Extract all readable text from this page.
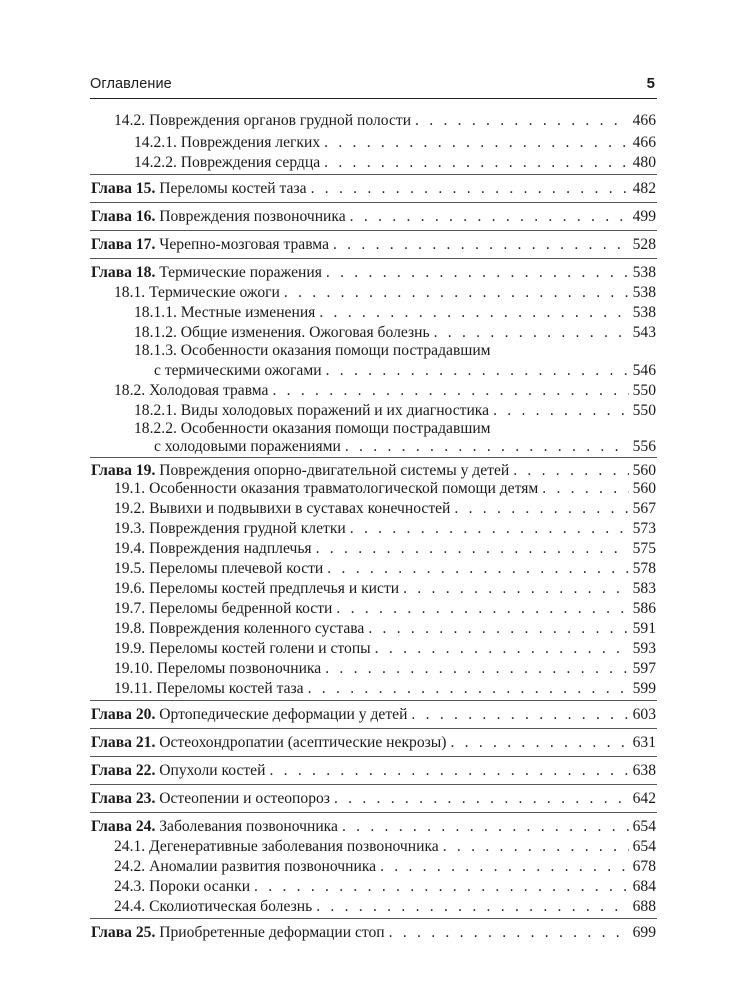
Оглавление	5
14.2. Повреждения органов грудной полости . . .	466
14.2.1. Повреждения легких . . .	466
14.2.2. Повреждения сердца . . .	480
Глава 15. Переломы костей таза . . .	482
Глава 16. Повреждения позвоночника . . .	499
Глава 17. Черепно-мозговая травма . . .	528
Глава 18. Термические поражения . . .	538
18.1. Термические ожоги . . .	538
18.1.1. Местные изменения . . .	538
18.1.2. Общие изменения. Ожоговая болезнь . . .	543
18.1.3. Особенности оказания помощи пострадавшим
с термическими ожогами . . .	546
18.2. Холодовая травма . . .	550
18.2.1. Виды холодовых поражений и их диагностика . . .	550
18.2.2. Особенности оказания помощи пострадавшим
с холодовыми поражениями . . .	556
Глава 19. Повреждения опорно-двигательной системы у детей . . .	560
19.1. Особенности оказания травматологической помощи детям . . .	560
19.2. Вывихи и подвывихи в суставах конечностей . . .	567
19.3. Повреждения грудной клетки . . .	573
19.4. Повреждения надплечья . . .	575
19.5. Переломы плечевой кости . . .	578
19.6. Переломы костей предплечья и кисти . . .	583
19.7. Переломы бедренной кости . . .	586
19.8. Повреждения коленного сустава . . .	591
19.9. Переломы костей голени и стопы . . .	593
19.10. Переломы позвоночника . . .	597
19.11. Переломы костей таза . . .	599
Глава 20. Ортопедические деформации у детей . . .	603
Глава 21. Остеохондропатии (асептические некрозы) . . .	631
Глава 22. Опухоли костей . . .	638
Глава 23. Остеопении и остеопороз . . .	642
Глава 24. Заболевания позвоночника . . .	654
24.1. Дегенеративные заболевания позвоночника . . .	654
24.2. Аномалии развития позвоночника . . .	678
24.3. Пороки осанки . . .	684
24.4. Сколиотическая болезнь . . .	688
Глава 25. Приобретенные деформации стоп . . .	699
